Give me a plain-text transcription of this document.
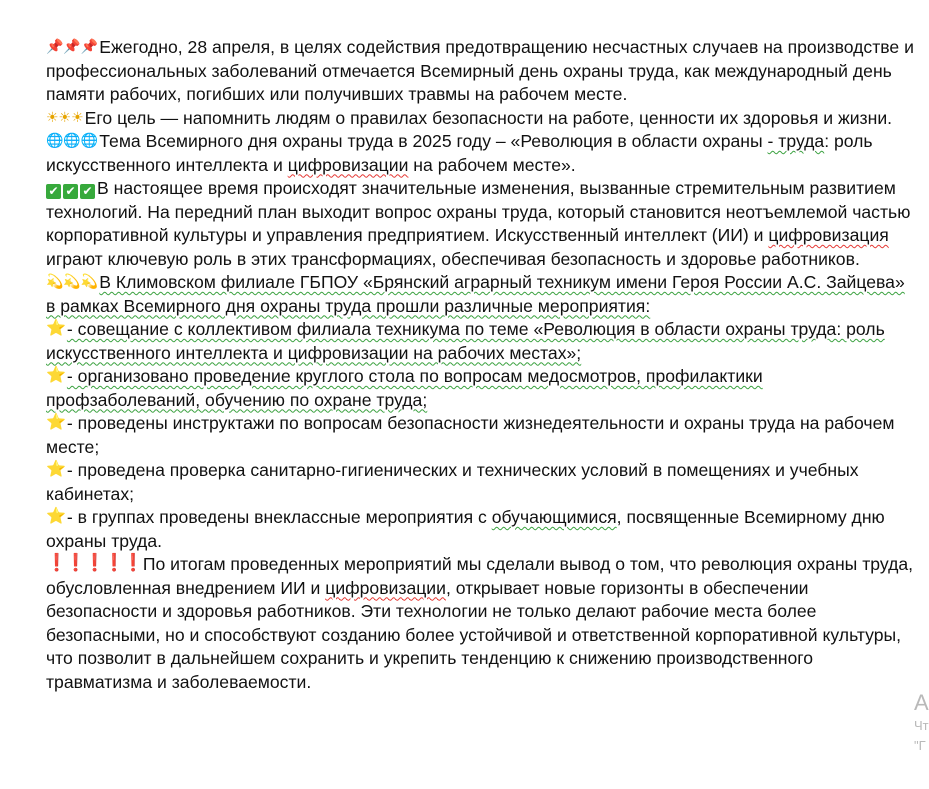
📌📌📌Ежегодно, 28 апреля, в целях содействия предотвращению несчастных случаев на производстве и профессиональных заболеваний отмечается Всемирный день охраны труда, как международный день памяти рабочих, погибших или получивших травмы на рабочем месте.

☀☀☀Его цель — напомнить людям о правилах безопасности на работе, ценности их здоровья и жизни.

🌐🌐🌐Тема Всемирного дня охраны труда в 2025 году – «Революция в области охраны - труда: роль искусственного интеллекта и цифровизации на рабочем месте».

✔ ✔ ✔ В настоящее время происходят значительные изменения, вызванные стремительным развитием технологий. На передний план выходит вопрос охраны труда, который становится неотъемлемой частью корпоративной культуры и управления предприятием. Искусственный интеллект (ИИ) и цифровизация играют ключевую роль в этих трансформациях, обеспечивая безопасность и здоровье работников.

💫💫💫В Климовском филиале ГБПОУ «Брянский аграрный техникум имени Героя России А.С. Зайцева» в рамках Всемирного дня охраны труда прошли различные мероприятия:

⭐- совещание с коллективом филиала техникума по теме «Революция в области охраны труда: роль искусственного интеллекта и цифровизации на рабочих местах»;

⭐- организовано проведение круглого стола по вопросам медосмотров, профилактики профзаболеваний, обучению по охране труда;

⭐- проведены инструктажи по вопросам безопасности жизнедеятельности и охраны труда на рабочем месте;

⭐- проведена проверка санитарно-гигиенических и технических условий в помещениях и учебных кабинетах;

⭐- в группах проведены внеклассные мероприятия с обучающимися, посвященные Всемирному дню охраны труда.

❗❗❗❗❗По итогам проведенных мероприятий мы сделали вывод о том, что революция охраны труда, обусловленная внедрением ИИ и цифровизации, открывает новые горизонты в обеспечении безопасности и здоровья работников. Эти технологии не только делают рабочие места более безопасными, но и способствуют созданию более устойчивой и ответственной корпоративной культуры, что позволит в дальнейшем сохранить и укрепить тенденцию к снижению производственного травматизма и заболеваемости.

А
Чт
"Г
